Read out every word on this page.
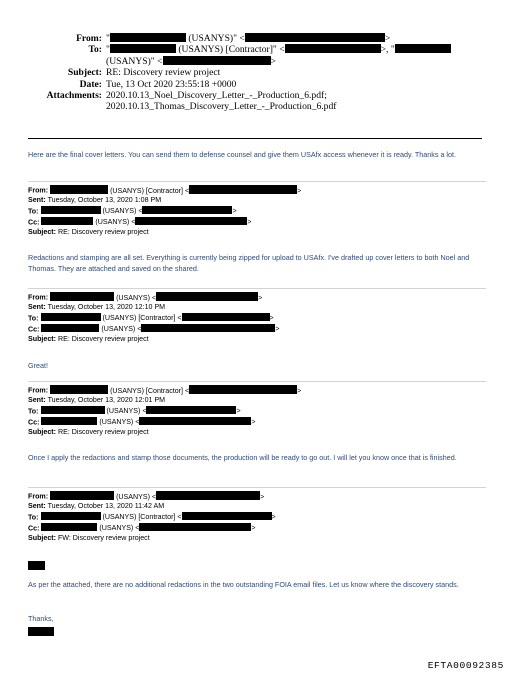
From: "	(USANYS)" <	>
To: "	(USANYS) [Contractor]" <	>, "
(USANYS)" <	>
Subject: RE: Discovery review project
Date: Tue, 13 Oct 2020 23:55:18 +0000
Attachments: 2020.10.13_Noel_Discovery_Letter_-_Production_6.pdf;
2020.10.13_Thomas_Discovery_Letter_-_Production_6.pdf
Here are the final cover letters. You can send them to defense counsel and give them USAfx access whenever it is ready. Thanks a lot.
From:	(USANYS) [Contractor] <	>
Sent: Tuesday, October 13, 2020 1:08 PM
To:	(USANYS) <	>
Cc:	(USANYS) <	>
Subject: RE: Discovery review project
Redactions and stamping are all set. Everything is currently being zipped for upload to USAfx. I've drafted up cover letters to both Noel and Thomas. They are attached and saved on the shared.
From:	(USANYS) <	>
Sent: Tuesday, October 13, 2020 12:10 PM
To:	(USANYS) [Contractor] <	>
Cc:	(USANYS) <	>
Subject: RE: Discovery review project
Great!
From:	(USANYS) [Contractor] <	>
Sent: Tuesday, October 13, 2020 12:01 PM
To:	(USANYS) <	>
Cc:	(USANYS) <	>
Subject: RE: Discovery review project
Once I apply the redactions and stamp those documents, the production will be ready to go out. I will let you know once that is finished.
From:	(USANYS) <	>
Sent: Tuesday, October 13, 2020 11:42 AM
To:	(USANYS) [Contractor] <	>
Cc:	(USANYS) <	>
Subject: FW: Discovery review project
As per the attached, there are no additional redactions in the two outstanding FOIA email files. Let us know where the discovery stands.
Thanks,
EFTA00092385
